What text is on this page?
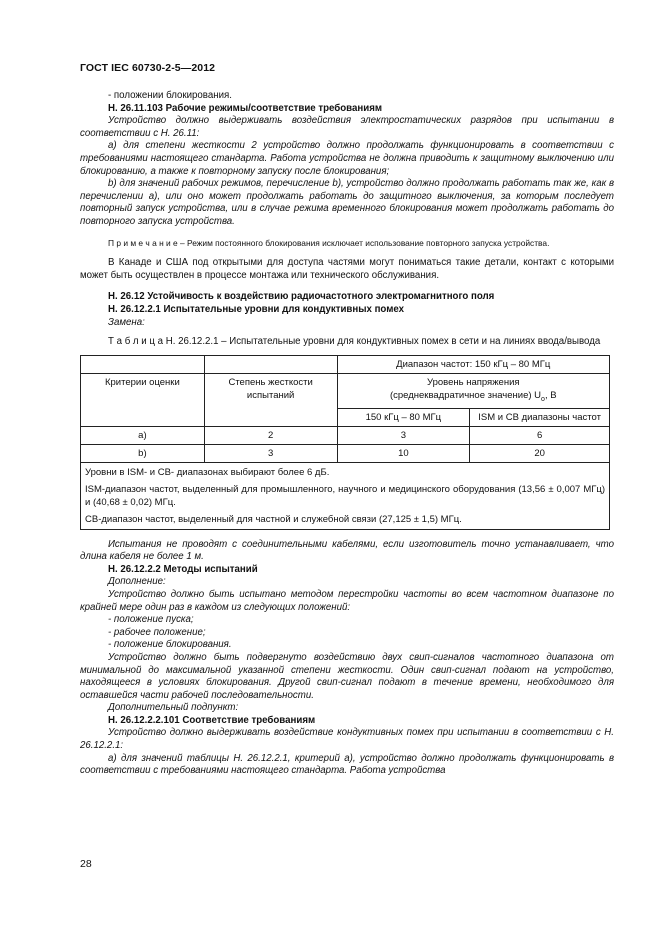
ГОСТ IEC 60730-2-5—2012

- положении блокирования.

Н. 26.11.103 Рабочие режимы/соответствие требованиям

Устройство должно выдерживать воздействия электростатических разрядов при испытании в соответствии с Н. 26.11:

а) для степени жесткости 2 устройство должно продолжать функционировать в соответствии с требованиями настоящего стандарта. Работа устройства не должна приводить к защитному выключению или блокированию, а также к повторному запуску после блокирования;

b) для значений рабочих режимов, перечисление b), устройство должно продолжать работать так же, как в перечислении а), или оно может продолжать работать до защитного выключения, за которым последует повторный запуск устройства, или в случае режима временного блокирования может продолжать работать до повторного запуска устройства.

П р и м е ч а н и е – Режим постоянного блокирования исключает использование повторного запуска устройства.

В Канаде и США под открытыми для доступа частями могут пониматься такие детали, контакт с которыми может быть осуществлен в процессе монтажа или технического обслуживания.

Н. 26.12 Устойчивость к воздействию радиочастотного электромагнитного поля

Н. 26.12.2.1 Испытательные уровни для кондуктивных помех

Замена:

Т а б л и ц а Н. 26.12.2.1 – Испытательные уровни для кондуктивных помех в сети и на линиях ввода/вывода

		Диапазон частот: 150 кГц – 80 МГц	
Критерии оценки	Степень жесткости испытаний	Уровень напряжения
(среднеквадратичное значение) $U_o$, В	
		150 кГц – 80 МГц	ISM и СВ диапазоны частот
a)	2	3	6
b)	3	10	20

Уровни в ISM- и СВ- диапазонах выбирают более 6 дБ.
ISM-диапазон частот, выделенный для промышленного, научного и медицинского оборудования (13,56 ± 0,007 МГц) и (40,68 ± 0,02) МГц.
СВ-диапазон частот, выделенный для частной и служебной связи (27,125 ± 1,5) МГц.			

Испытания не проводят с соединительными кабелями, если изготовитель точно устанавливает, что длина кабеля не более 1 м.

Н. 26.12.2.2 Методы испытаний

Дополнение:

Устройство должно быть испытано методом перестройки частоты во всем частотном диапазоне по крайней мере один раз в каждом из следующих положений:

- положение пуска;

- рабочее положение;

- положение блокирования.

Устройство должно быть подвергнуто воздействию двух свип-сигналов частотного диапазона от минимальной до максимальной указанной степени жесткости. Один свип-сигнал подают на устройство, находящееся в условиях блокирования. Другой свип-сигнал подают в течение времени, необходимого для оставшейся части рабочей последовательности.

Дополнительный подпункт:

Н. 26.12.2.2.101 Соответствие требованиям

Устройство должно выдерживать воздействие кондуктивных помех при испытании в соответствии с Н. 26.12.2.1:

а) для значений таблицы Н. 26.12.2.1, критерий а), устройство должно продолжать функционировать в соответствии с требованиями настоящего стандарта. Работа устройства

28
